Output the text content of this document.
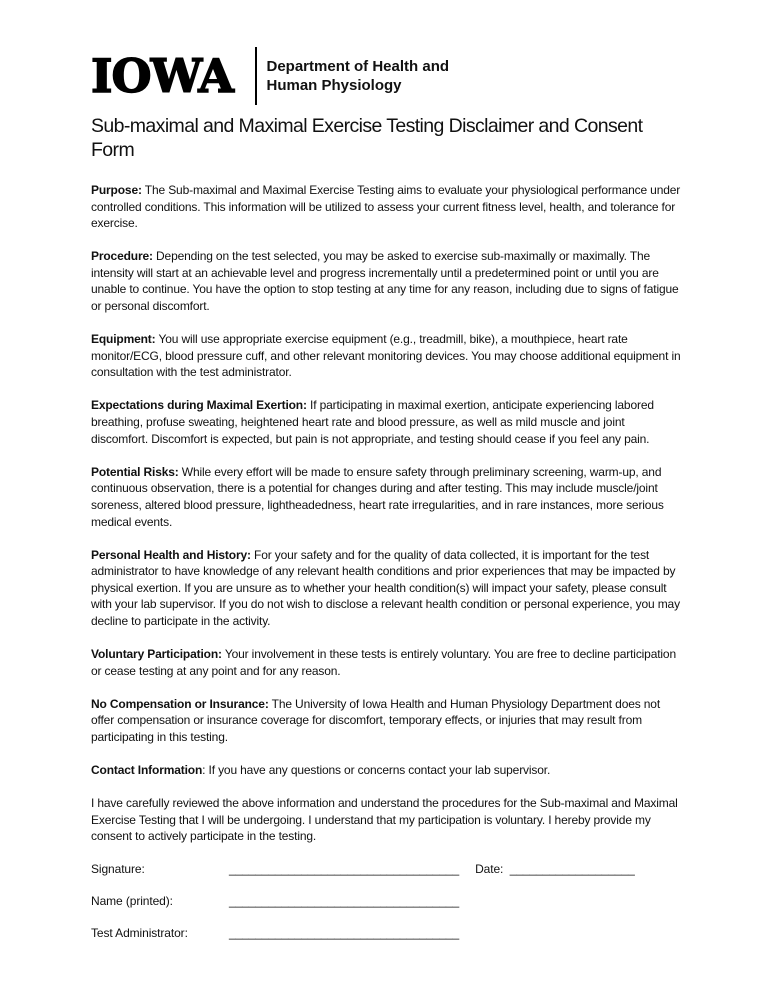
IOWA Department of Health and
Human Physiology
Sub-maximal and Maximal Exercise Testing Disclaimer and Consent Form

Purpose: The Sub-maximal and Maximal Exercise Testing aims to evaluate your physiological performance under controlled conditions. This information will be utilized to assess your current fitness level, health, and tolerance for exercise.

Procedure: Depending on the test selected, you may be asked to exercise sub-maximally or maximally. The intensity will start at an achievable level and progress incrementally until a predetermined point or until you are unable to continue. You have the option to stop testing at any time for any reason, including due to signs of fatigue or personal discomfort.

Equipment: You will use appropriate exercise equipment (e.g., treadmill, bike), a mouthpiece, heart rate monitor/ECG, blood pressure cuff, and other relevant monitoring devices. You may choose additional equipment in consultation with the test administrator.

Expectations during Maximal Exertion: If participating in maximal exertion, anticipate experiencing labored breathing, profuse sweating, heightened heart rate and blood pressure, as well as mild muscle and joint discomfort. Discomfort is expected, but pain is not appropriate, and testing should cease if you feel any pain.

Potential Risks: While every effort will be made to ensure safety through preliminary screening, warm-up, and continuous observation, there is a potential for changes during and after testing. This may include muscle/joint soreness, altered blood pressure, lightheadedness, heart rate irregularities, and in rare instances, more serious medical events.

Personal Health and History: For your safety and for the quality of data collected, it is important for the test administrator to have knowledge of any relevant health conditions and prior experiences that may be impacted by physical exertion. If you are unsure as to whether your health condition(s) will impact your safety, please consult with your lab supervisor. If you do not wish to disclose a relevant health condition or personal experience, you may decline to participate in the activity.

Voluntary Participation: Your involvement in these tests is entirely voluntary. You are free to decline participation or cease testing at any point and for any reason.

No Compensation or Insurance: The University of Iowa Health and Human Physiology Department does not offer compensation or insurance coverage for discomfort, temporary effects, or injuries that may result from participating in this testing.

Contact Information: If you have any questions or concerns contact your lab supervisor.

I have carefully reviewed the above information and understand the procedures for the Sub-maximal and Maximal Exercise Testing that I will be undergoing. I understand that my participation is voluntary. I hereby provide my consent to actively participate in the testing.

Signature:	___________________________________ Date: ___________________
Name (printed):	___________________________________
Test Administrator:	___________________________________
